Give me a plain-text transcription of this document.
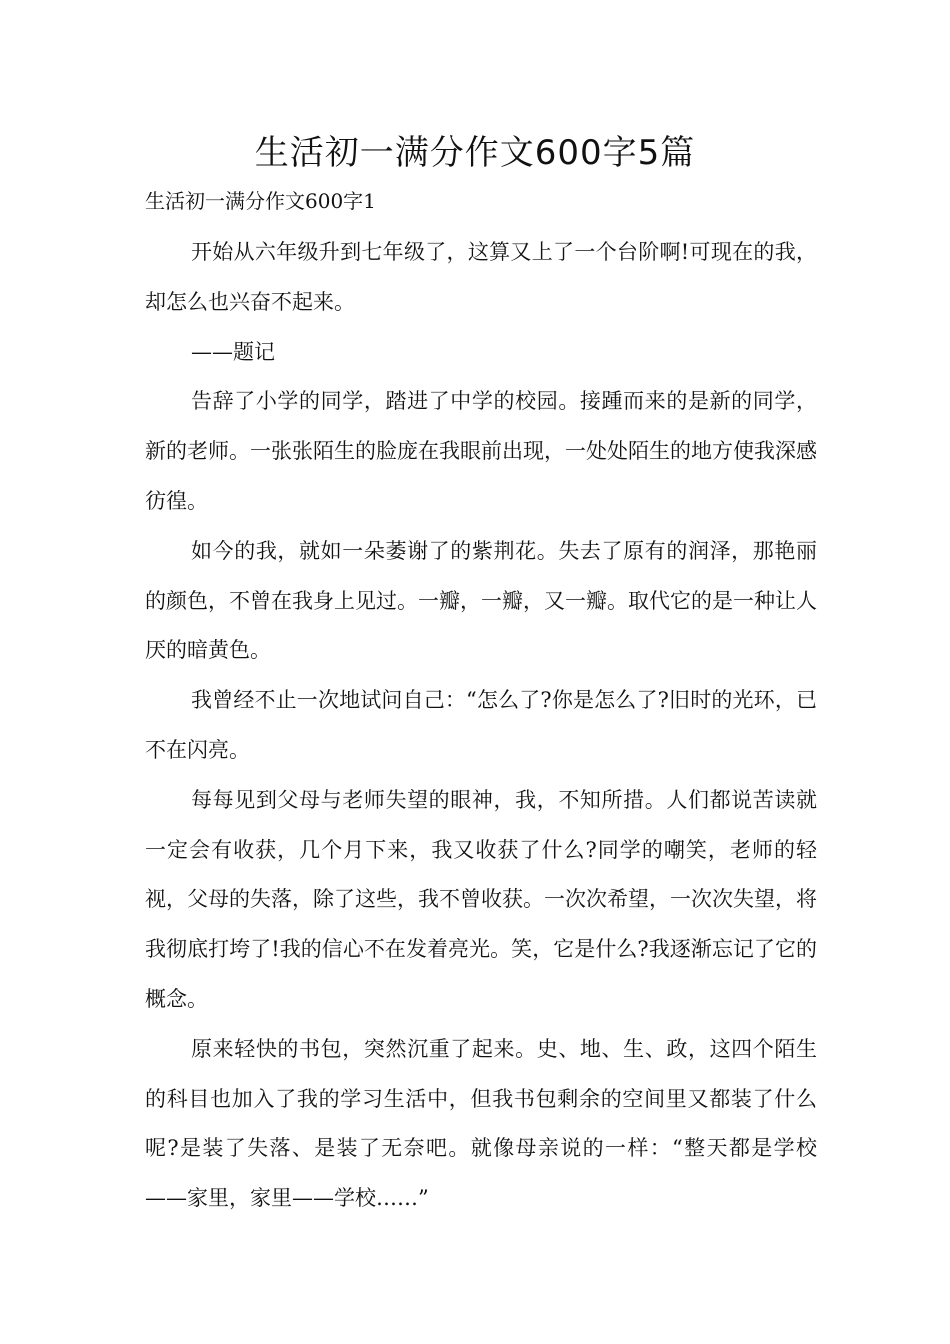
生活初一满分作文600字5篇

生活初一满分作文600字1

开始从六年级升到七年级了，这算又上了一个台阶啊!可现在的我，却怎么也兴奋不起来。

——题记

告辞了小学的同学，踏进了中学的校园。接踵而来的是新的同学，新的老师。一张张陌生的脸庞在我眼前出现，一处处陌生的地方使我深感彷徨。

如今的我，就如一朵萎谢了的紫荆花。失去了原有的润泽，那艳丽的颜色，不曾在我身上见过。一瓣，一瓣，又一瓣。取代它的是一种让人厌的暗黄色。

我曾经不止一次地试问自己：“怎么了?你是怎么了?旧时的光环，已不在闪亮。

每每见到父母与老师失望的眼神，我，不知所措。人们都说苦读就一定会有收获，几个月下来，我又收获了什么?同学的嘲笑，老师的轻视，父母的失落，除了这些，我不曾收获。一次次希望，一次次失望，将我彻底打垮了!我的信心不在发着亮光。笑，它是什么?我逐渐忘记了它的概念。

原来轻快的书包，突然沉重了起来。史、地、生、政，这四个陌生的科目也加入了我的学习生活中，但我书包剩余的空间里又都装了什么呢?是装了失落、是装了无奈吧。就像母亲说的一样：“整天都是学校——家里，家里——学校……”
